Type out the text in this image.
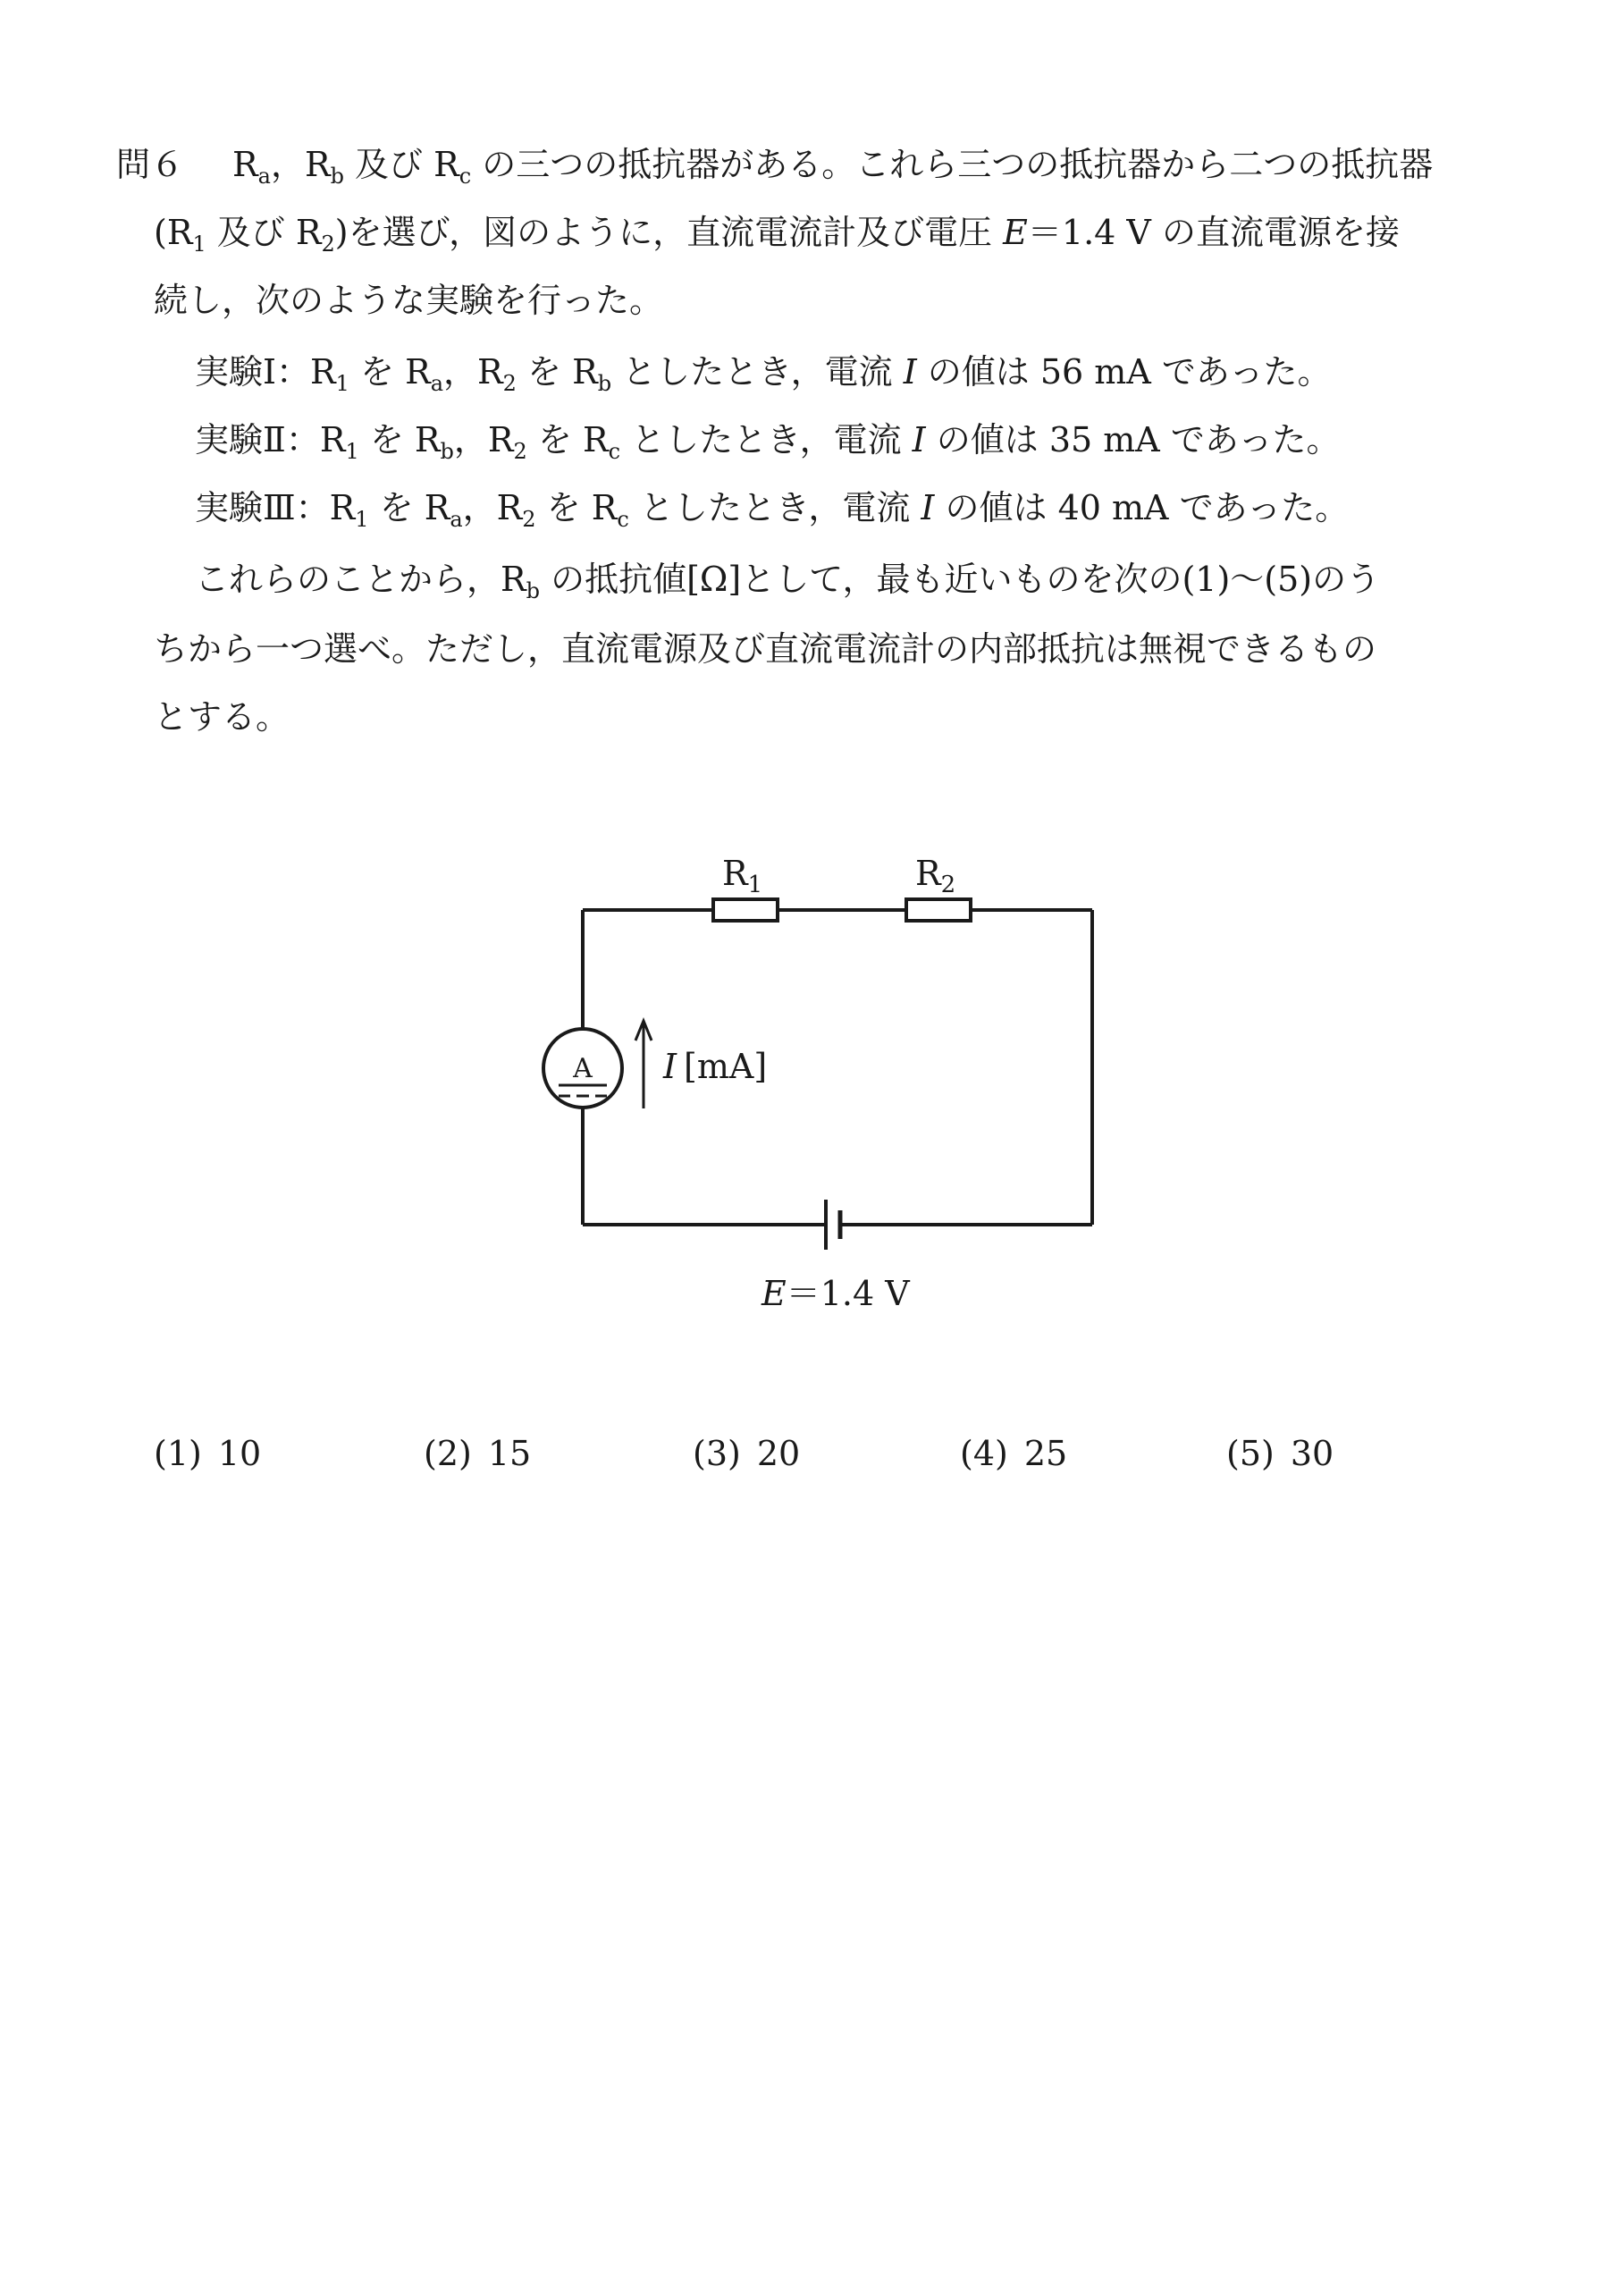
問６ $R_a$，$R_b$ 及び $R_c$ の三つの抵抗器がある。これら三つの抵抗器から二つの抵抗器
($R_1$ 及び $R_2$)を選び，図のように，直流電流計及び電圧 E＝1.4 V の直流電源を接
続し，次のような実験を行った。
実験Ⅰ：$R_1$ を $R_a$，$R_2$ を $R_b$ としたとき，電流 I の値は 56 mA であった。
実験Ⅱ：$R_1$ を $R_b$，$R_2$ を $R_c$ としたとき，電流 I の値は 35 mA であった。
実験Ⅲ：$R_1$ を $R_a$，$R_2$ を $R_c$ としたとき，電流 I の値は 40 mA であった。
これらのことから，$R_b$ の抵抗値[Ω]として，最も近いものを次の(1)～(5)のう
ちから一つ選べ。ただし，直流電源及び直流電流計の内部抵抗は無視できるもの
とする。
$R_1$	$R_2$
A I [mA]
E＝1.4 V
(1) 10	(2) 15	(3) 20	(4) 25	(5) 30
